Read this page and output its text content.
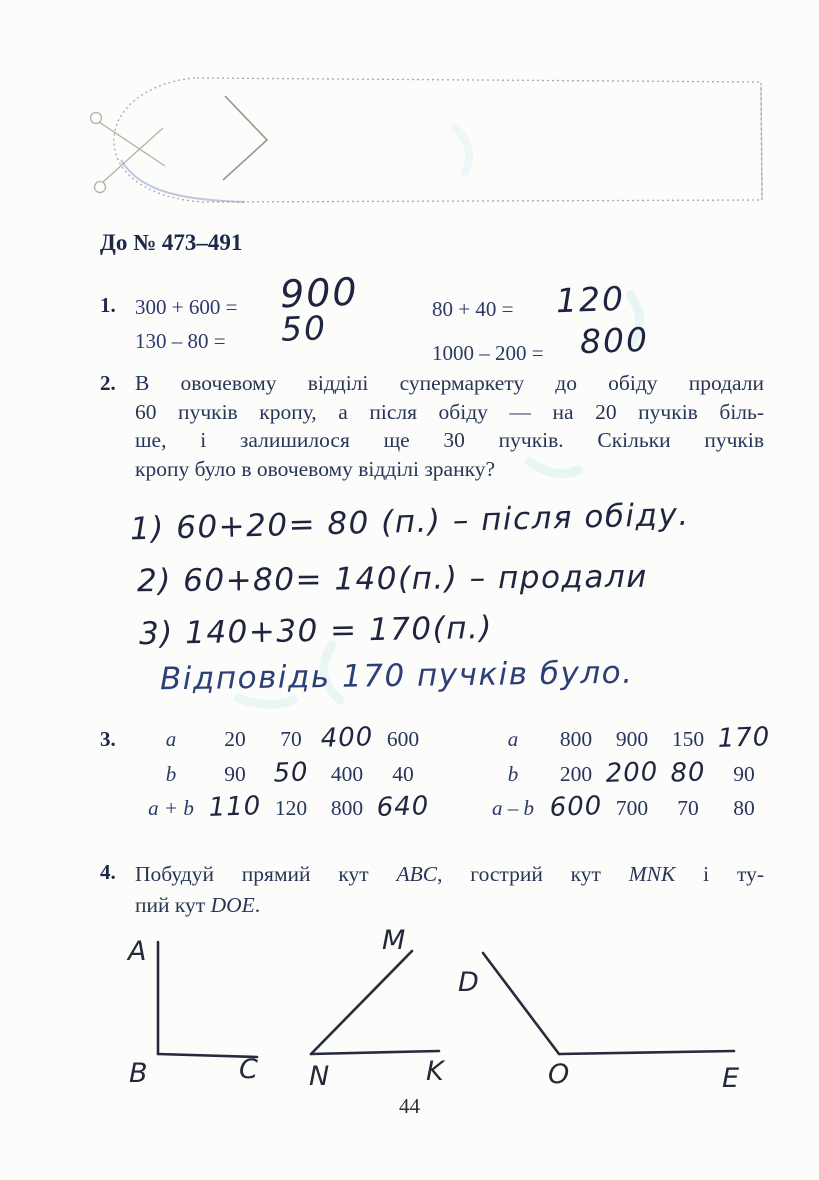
До № 473–491
1. 300 + 600 = 900	80 + 40 = 120
130 – 80 = 50
1000 – 200 = 800
2. В овочевому відділі супермаркету до обіду продали
60 пучків кропу, а після обіду — на 20 пучків біль-
ше, і залишилося ще 30 пучків. Скільки пучків
кропу було в овочевому відділі зранку?
1) 60+20= 80 (п.) – після обіду.
2) 60+80= 140(п.) – продали
3) 140+30 = 170(п.)
Відповідь 170 пучків було.
3.	a	20	70 400 600
b	90	50	400	40
a + b 110 120	800 640
a	800	900	150 170
b	200 200 80	90
a – b 600 700	70	80
4. Побудуй прямий кут ABC, гострий кут MNK і ту-
пий кут DOE.
A
B	C
M
N	K
D
O	E
44
